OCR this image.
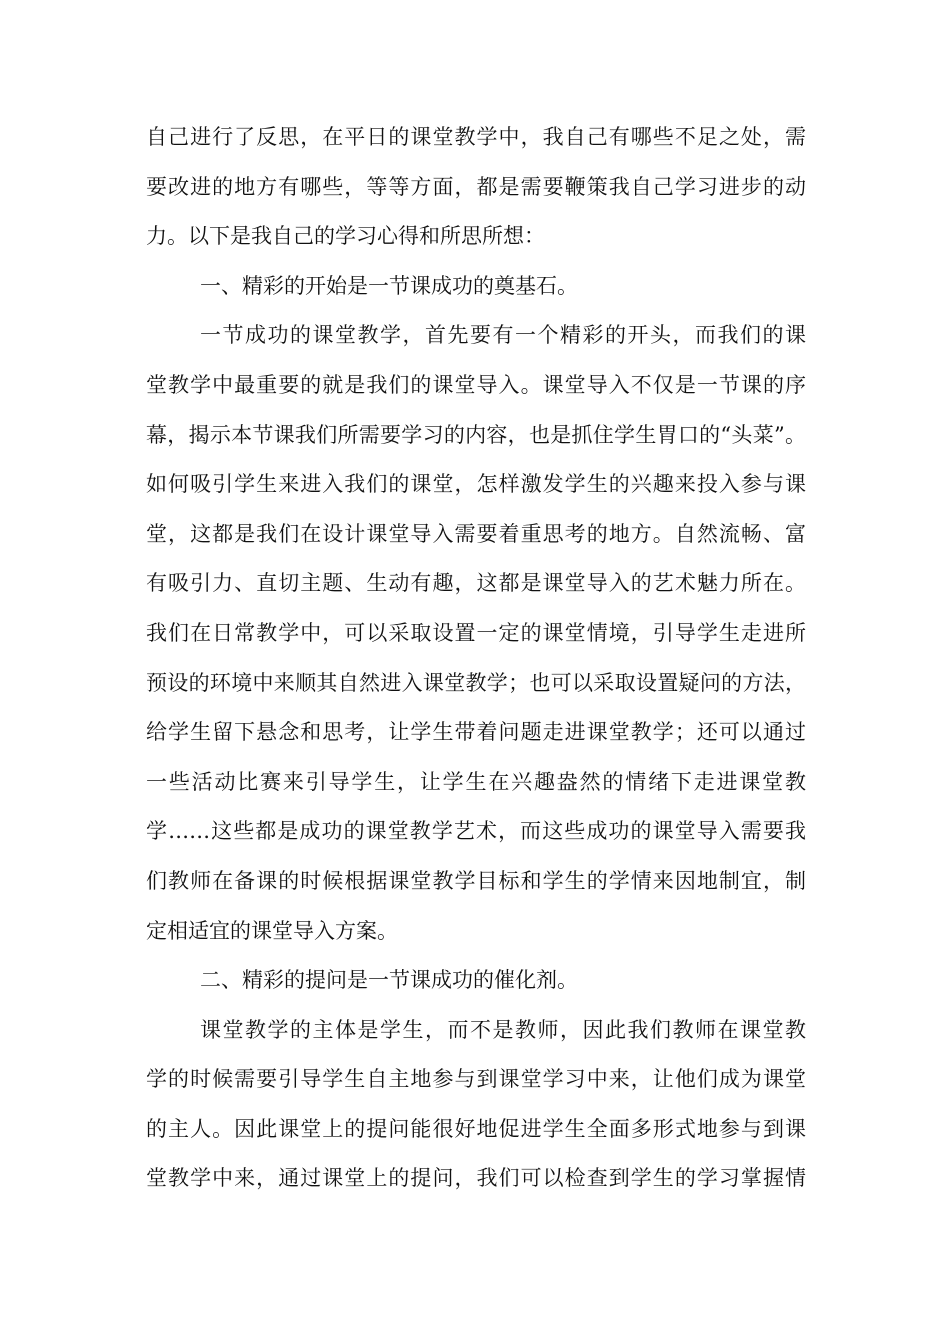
自己进行了反思，在平日的课堂教学中，我自己有哪些不足之处，需
要改进的地方有哪些，等等方面，都是需要鞭策我自己学习进步的动
力。以下是我自己的学习心得和所思所想：
一、精彩的开始是一节课成功的奠基石。
一节成功的课堂教学，首先要有一个精彩的开头，而我们的课
堂教学中最重要的就是我们的课堂导入。课堂导入不仅是一节课的序
幕，揭示本节课我们所需要学习的内容，也是抓住学生胃口的“头菜”。
如何吸引学生来进入我们的课堂，怎样激发学生的兴趣来投入参与课
堂，这都是我们在设计课堂导入需要着重思考的地方。自然流畅、富
有吸引力、直切主题、生动有趣，这都是课堂导入的艺术魅力所在。
我们在日常教学中，可以采取设置一定的课堂情境，引导学生走进所
预设的环境中来顺其自然进入课堂教学；也可以采取设置疑问的方法，
给学生留下悬念和思考，让学生带着问题走进课堂教学；还可以通过
一些活动比赛来引导学生，让学生在兴趣盎然的情绪下走进课堂教
学……这些都是成功的课堂教学艺术，而这些成功的课堂导入需要我
们教师在备课的时候根据课堂教学目标和学生的学情来因地制宜，制
定相适宜的课堂导入方案。
二、精彩的提问是一节课成功的催化剂。
课堂教学的主体是学生，而不是教师，因此我们教师在课堂教
学的时候需要引导学生自主地参与到课堂学习中来，让他们成为课堂
的主人。因此课堂上的提问能很好地促进学生全面多形式地参与到课
堂教学中来，通过课堂上的提问，我们可以检查到学生的学习掌握情
